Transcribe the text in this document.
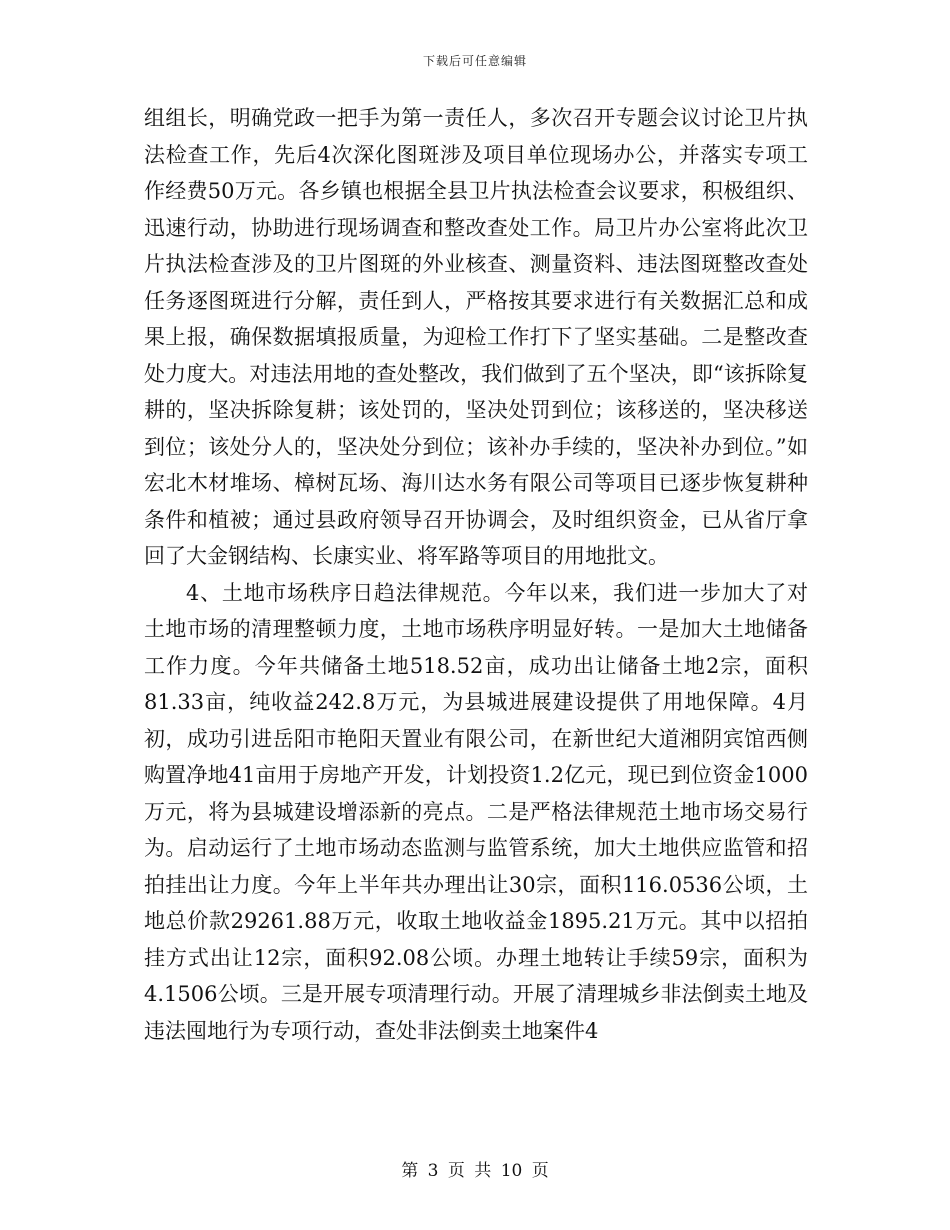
下载后可任意编辑

组组长，明确党政一把手为第一责任人，多次召开专题会议讨论卫片执法检查工作，先后4次深化图斑涉及项目单位现场办公，并落实专项工作经费50万元。各乡镇也根据全县卫片执法检查会议要求，积极组织、迅速行动，协助进行现场调查和整改查处工作。局卫片办公室将此次卫片执法检查涉及的卫片图斑的外业核查、测量资料、违法图斑整改查处任务逐图斑进行分解，责任到人，严格按其要求进行有关数据汇总和成果上报，确保数据填报质量，为迎检工作打下了坚实基础。二是整改查处力度大。对违法用地的查处整改，我们做到了五个坚决，即“该拆除复耕的，坚决拆除复耕；该处罚的，坚决处罚到位；该移送的，坚决移送到位；该处分人的，坚决处分到位；该补办手续的，坚决补办到位。”如宏北木材堆场、樟树瓦场、海川达水务有限公司等项目已逐步恢复耕种条件和植被；通过县政府领导召开协调会，及时组织资金，已从省厅拿回了大金钢结构、长康实业、将军路等项目的用地批文。

4、土地市场秩序日趋法律规范。今年以来，我们进一步加大了对土地市场的清理整顿力度，土地市场秩序明显好转。一是加大土地储备工作力度。今年共储备土地518.52亩，成功出让储备土地2宗，面积81.33亩，纯收益242.8万元，为县城进展建设提供了用地保障。4月初，成功引进岳阳市艳阳天置业有限公司，在新世纪大道湘阴宾馆西侧购置净地41亩用于房地产开发，计划投资1.2亿元，现已到位资金1000万元，将为县城建设增添新的亮点。二是严格法律规范土地市场交易行为。启动运行了土地市场动态监测与监管系统，加大土地供应监管和招拍挂出让力度。今年上半年共办理出让30宗，面积116.0536公顷，土地总价款29261.88万元，收取土地收益金1895.21万元。其中以招拍挂方式出让12宗，面积92.08公顷。办理土地转让手续59宗，面积为4.1506公顷。三是开展专项清理行动。开展了清理城乡非法倒卖土地及违法囤地行为专项行动，查处非法倒卖土地案件4

第 3 页 共 10 页
